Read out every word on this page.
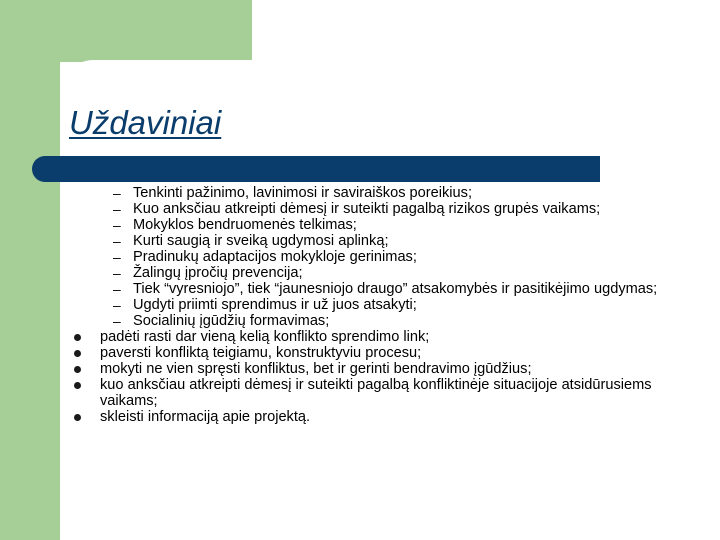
Uždaviniai
– Tenkinti pažinimo, lavinimosi ir saviraiškos poreikius;
– Kuo anksčiau atkreipti dėmesį ir suteikti pagalbą rizikos grupės vaikams;
– Mokyklos bendruomenės telkimas;
– Kurti saugią ir sveiką ugdymosi aplinką;
– Pradinukų adaptacijos mokykloje gerinimas;
– Žalingų įpročių prevencija;
– Tiek “vyresniojo”, tiek “jaunesniojo draugo” atsakomybės ir pasitikėjimo ugdymas;
– Ugdyti priimti sprendimus ir už juos atsakyti;
– Socialinių įgūdžių formavimas;
padėti rasti dar vieną kelią konflikto sprendimo link;
paversti konfliktą teigiamu, konstruktyviu procesu;
mokyti ne vien spręsti konfliktus, bet ir gerinti bendravimo įgūdžius;
kuo anksčiau atkreipti dėmesį ir suteikti pagalbą konfliktinėje situacijoje atsidūrusiems vaikams;
skleisti informaciją apie projektą.
